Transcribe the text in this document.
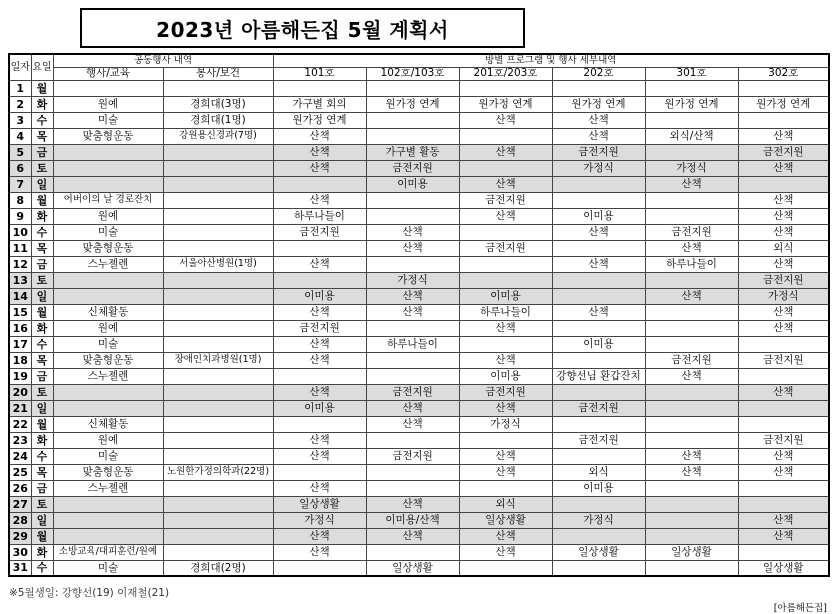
2023년 아름해든집 5월 계획서
일자	요일	공동행사 내역		방별 프로그램 및 행사 세부내역					
		행사/교육	봉사/보건	101호	102호/103호	201호/203호	202호	301호	302호

1	월								
2	화	원예	경희대(3명)	가구별 회의	원가정 연계	원가정 연계	원가정 연계	원가정 연계	원가정 연계
3	수	미술	경희대(1명)	원가정 연계		산책	산책		
4	목	맞춤형운동	강원용신경과(7명)	산책			산책	외식/산책	산책
5	금			산책	가구별 활동	산책	금전지원		금전지원
6	토			산책	금전지원		가정식	가정식	산책
7	일				이미용	산책		산책	
8	월	어버이의 날 경로잔치		산책		금전지원			산책
9	화	원예		하루나들이		산책	이미용		산책
10	수	미술		금전지원	산책		산책	금전지원	산책
11	목	맞춤형운동			산책	금전지원		산책	외식
12	금	스누젤렌	서울아산병원(1명)	산책			산책	하루나들이	산책
13	토				가정식				금전지원
14	일			이미용	산책	이미용		산책	가정식
15	월	신체활동		산책	산책	하루나들이	산책		산책
16	화	원예		금전지원		산책			산책
17	수	미술		산책	하루나들이		이미용		
18	목	맞춤형운동	장애인치과병원(1명)	산책		산책		금전지원	금전지원
19	금	스누젤렌				이미용	강향선님 환갑잔치	산책	
20	토			산책	금전지원	금전지원			산책
21	일			이미용	산책	산책	금전지원		
22	월	신체활동			산책	가정식			
23	화	원예		산책			금전지원		금전지원
24	수	미술		산책	금전지원	산책		산책	산책
25	목	맞춤형운동	노원한가정의학과(22명)			산책	외식	산책	산책
26	금	스누젤렌		산책			이미용		
27	토			일상생활	산책	외식			
28	일			가정식	이미용/산책	일상생활	가정식		산책
29	월			산책	산책	산책			산책
30	화	소방교육/대피훈련/원예		산책		산책	일상생활	일상생활	
31	수	미술	경희대(2명)		일상생활				일상생활
※5월생일: 강향선(19) 이재철(21)
[아름해든집]
